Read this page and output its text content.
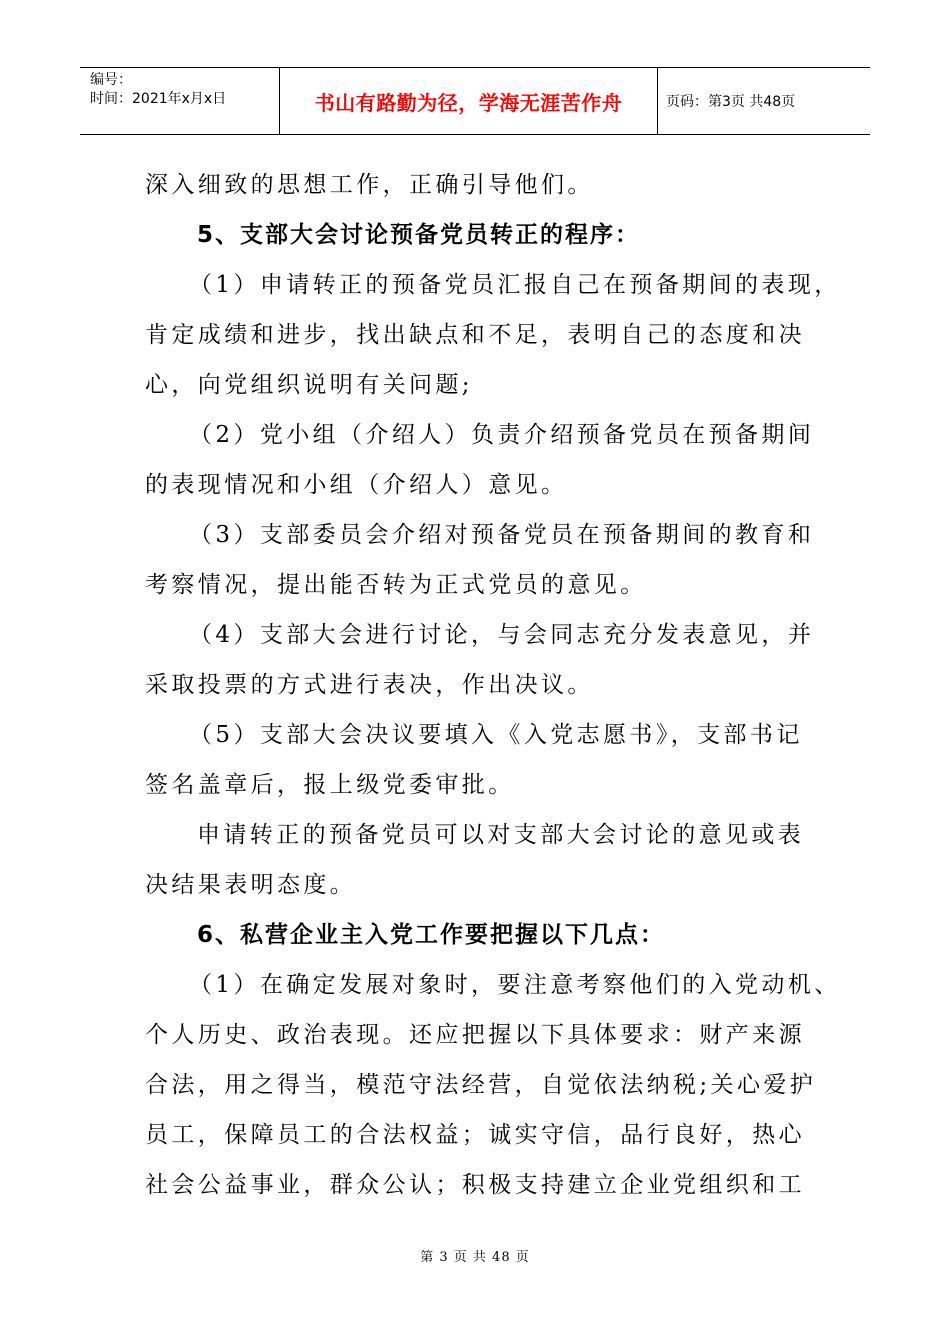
编号：
时间：2021年x月x日	书山有路勤为径，学海无涯苦作舟	页码：第3页 共48页
深入细致的思想工作，正确引导他们。
5、支部大会讨论预备党员转正的程序：
（1）申请转正的预备党员汇报自己在预备期间的表现，
肯定成绩和进步，找出缺点和不足，表明自己的态度和决
心，向党组织说明有关问题;
（2）党小组（介绍人）负责介绍预备党员在预备期间
的表现情况和小组（介绍人）意见。
（3）支部委员会介绍对预备党员在预备期间的教育和
考察情况，提出能否转为正式党员的意见。
（4）支部大会进行讨论，与会同志充分发表意见，并
采取投票的方式进行表决，作出决议。
（5）支部大会决议要填入《入党志愿书》，支部书记
签名盖章后，报上级党委审批。
申请转正的预备党员可以对支部大会讨论的意见或表
决结果表明态度。
6、私营企业主入党工作要把握以下几点：
（1）在确定发展对象时，要注意考察他们的入党动机、
个人历史、政治表现。还应把握以下具体要求：财产来源
合法，用之得当，模范守法经营，自觉依法纳税;关心爱护
员工，保障员工的合法权益；诚实守信，品行良好，热心
社会公益事业，群众公认；积极支持建立企业党组织和工
第 3 页 共 48 页
